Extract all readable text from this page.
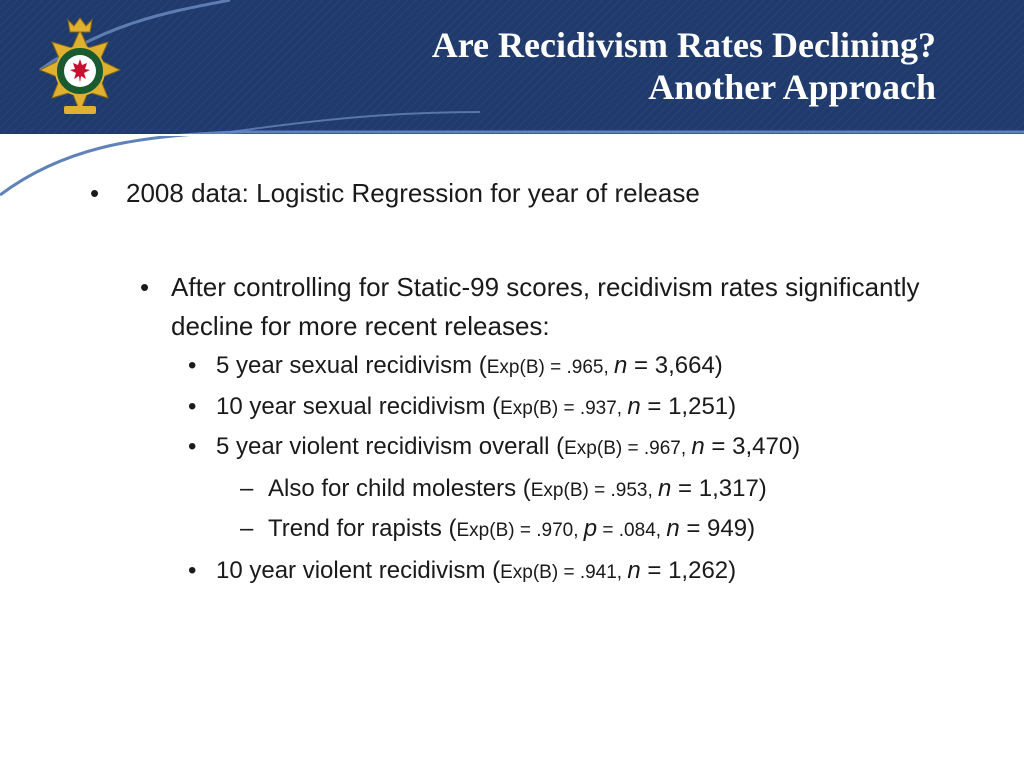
Are Recidivism Rates Declining?
Another Approach
• 2008 data: Logistic Regression for year of release
• After controlling for Static-99 scores, recidivism rates significantly decline for more recent releases:
• 5 year sexual recidivism (Exp(B) = .965, n = 3,664)
• 10 year sexual recidivism (Exp(B) = .937, n = 1,251)
• 5 year violent recidivism overall (Exp(B) = .967, n = 3,470)
– Also for child molesters (Exp(B) = .953, n = 1,317)
– Trend for rapists (Exp(B) = .970, p = .084, n = 949)
• 10 year violent recidivism (Exp(B) = .941, n = 1,262)
